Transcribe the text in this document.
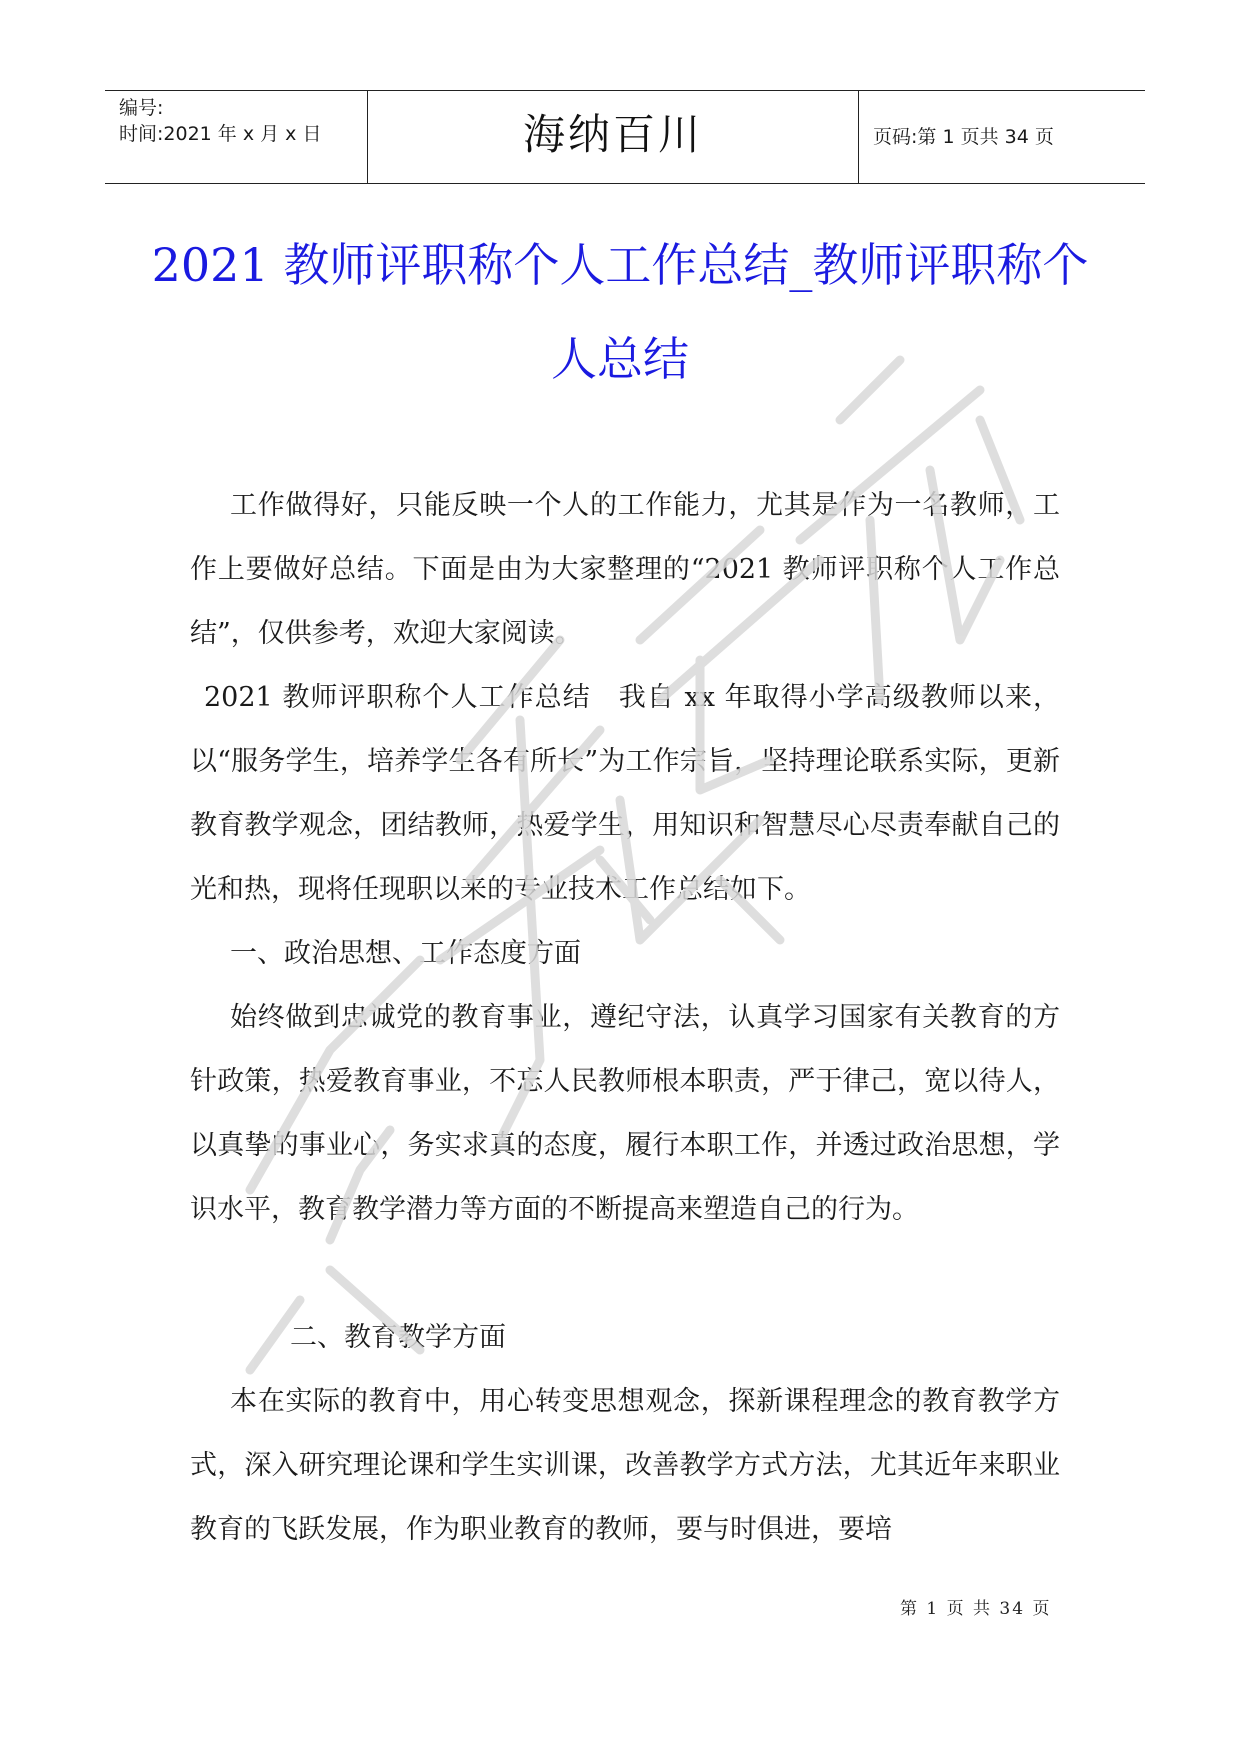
编号:
时间:2021 年 x 月 x 日	海纳百川	页码:第 1 页共 34 页
2021 教师评职称个人工作总结_教师评职称个人总结
工作做得好，只能反映一个人的工作能力，尤其是作为一名教师，工作上要做好总结。下面是由为大家整理的“2021 教师评职称个人工作总结”，仅供参考，欢迎大家阅读。
2021 教师评职称个人工作总结　我自 xx 年取得小学高级教师以来，以“服务学生，培养学生各有所长”为工作宗旨，坚持理论联系实际，更新教育教学观念，团结教师，热爱学生，用知识和智慧尽心尽责奉献自己的光和热，现将任现职以来的专业技术工作总结如下。
一、政治思想、工作态度方面
始终做到忠诚党的教育事业，遵纪守法，认真学习国家有关教育的方针政策，热爱教育事业，不忘人民教师根本职责，严于律己，宽以待人，以真挚的事业心，务实求真的态度，履行本职工作，并透过政治思想，学识水平，教育教学潜力等方面的不断提高来塑造自己的行为。
二、教育教学方面
本在实际的教育中，用心转变思想观念，探新课程理念的教育教学方式，深入研究理论课和学生实训课，改善教学方式方法，尤其近年来职业教育的飞跃发展，作为职业教育的教师，要与时俱进，要培
第 1 页 共 34 页
